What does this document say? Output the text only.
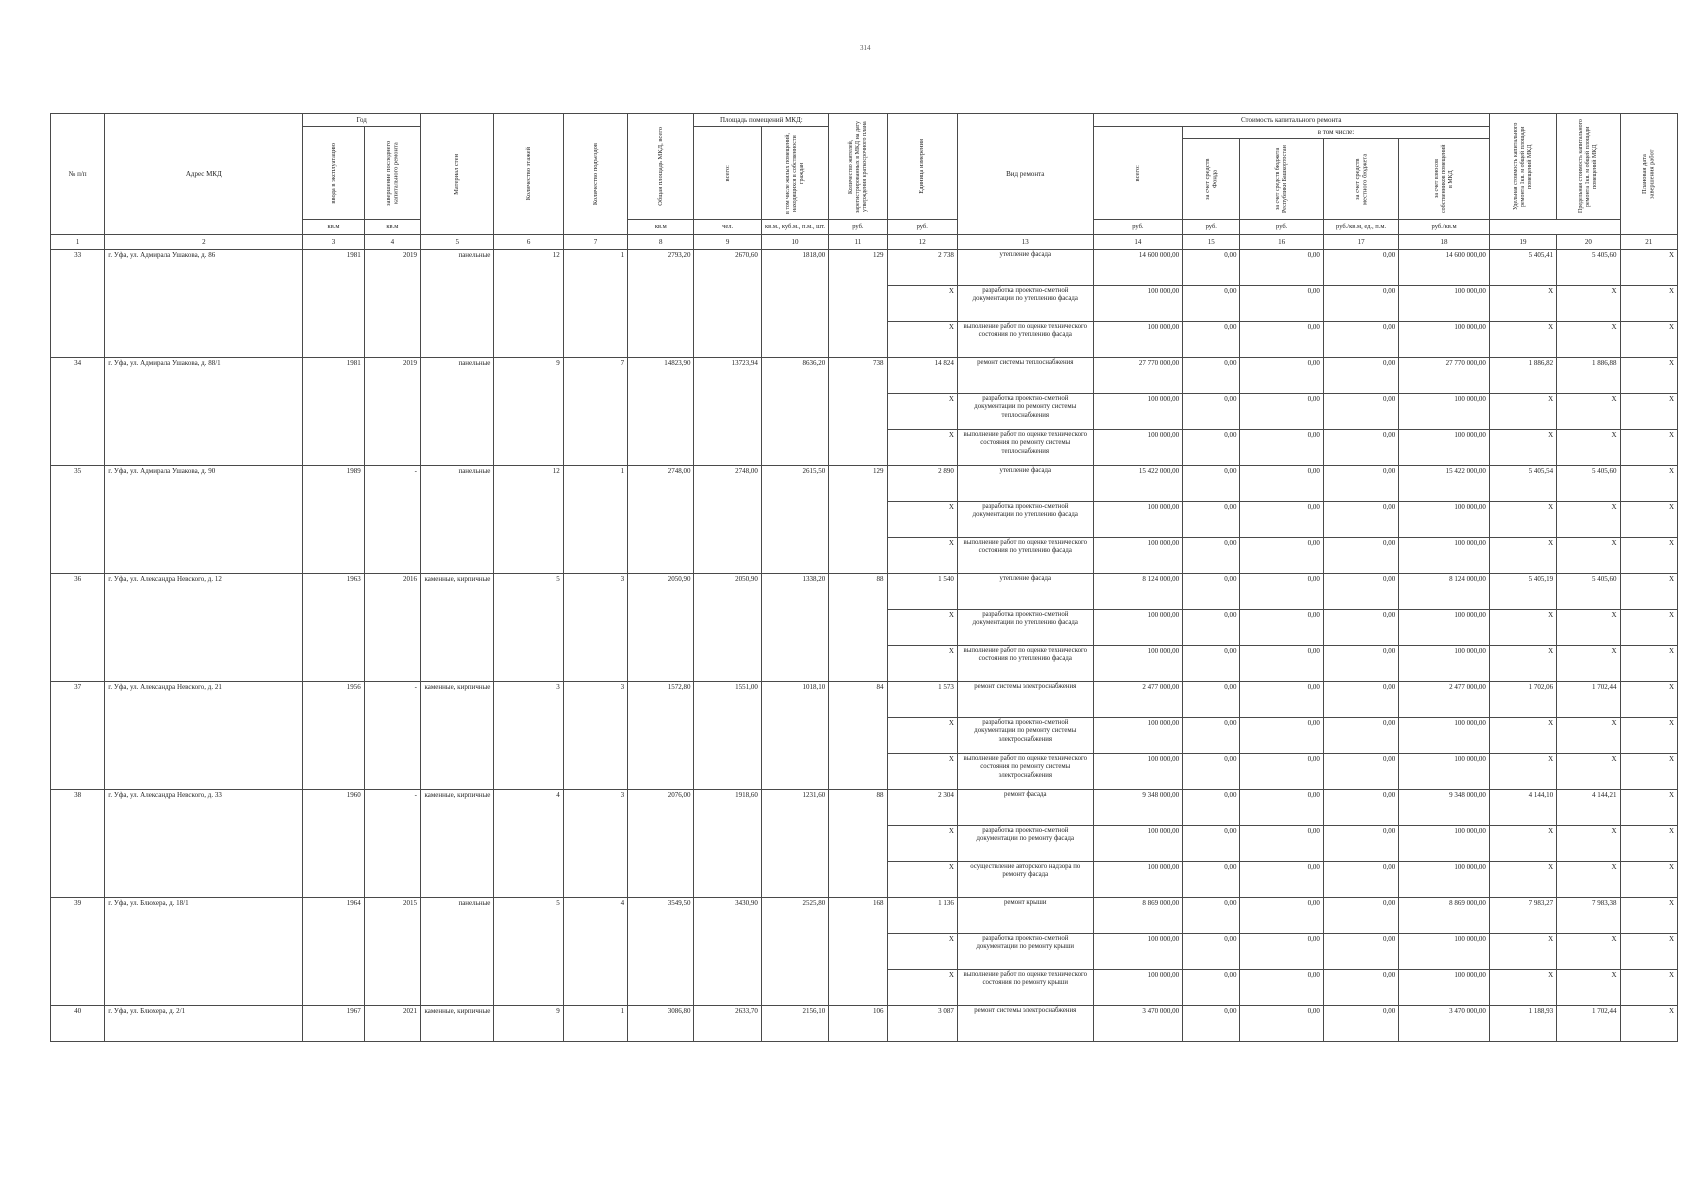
314
№ п/п	Адрес МКД	Год		Материал стен	Количество этажей	Количество подъездов	Общая площадь МКД, всего	Площадь помещений МКД:		Количество жителей, зарегистрированных в МКД на дату утверждения краткосрочного плана	Единица измерения	Вид ремонта	Стоимость капитального ремонта					Удельная стоимость капитального ремонта 1кв. м общей площади помещений МКД	Предельная стоимость капитального ремонта 1кв. м общей площади помещений МКД	Плановая дата завершения работ

		ввода в эксплуатацию	завершение последнего капитального ремонта					всего:	в том числе жилых помещений, находящихся в собственности граждан				всего:	в том числе:						

														за счет средств Фонда	за счет средств бюджета Республики Башкортостан	за счет средств местного бюджета	за счет взносов собственников помещений в МКД			

		кв.м	кв.м				кв.м	чел.	кв.м., куб.м., п.м., шт.	руб.	руб.		руб.	руб.	руб.	руб./кв.м, ед., п.м.	руб./кв.м			
1	2	3	4	5	6	7	8	9	10	11	12	13	14	15	16	17	18	19	20	21
33	г. Уфа, ул. Адмирала Ушакова, д. 86	1981	2019	панельные	12	1	2793,20	2670,60	1818,00	129	2 738	утепление фасада	14 600 000,00	0,00	0,00	0,00	14 600 000,00	5 405,41	5 405,60	X
											X	разработка проектно-сметной документации по утеплению фасада	100 000,00	0,00	0,00	0,00	100 000,00	X	X	X
											X	выполнение работ по оценке технического состояния по утеплению фасада	100 000,00	0,00	0,00	0,00	100 000,00	X	X	X
34	г. Уфа, ул. Адмирала Ушакова, д. 88/1	1981	2019	панельные	9	7	14823,90	13723,94	8636,20	738	14 824	ремонт системы теплоснабжения	27 770 000,00	0,00	0,00	0,00	27 770 000,00	1 886,82	1 886,88	X
											X	разработка проектно-сметной документации по ремонту системы теплоснабжения	100 000,00	0,00	0,00	0,00	100 000,00	X	X	X
											X	выполнение работ по оценке технического состояния по ремонту системы теплоснабжения	100 000,00	0,00	0,00	0,00	100 000,00	X	X	X
35	г. Уфа, ул. Адмирала Ушакова, д. 90	1989	-	панельные	12	1	2748,00	2748,00	2615,50	129	2 890	утепление фасада	15 422 000,00	0,00	0,00	0,00	15 422 000,00	5 405,54	5 405,60	X
											X	разработка проектно-сметной документации по утеплению фасада	100 000,00	0,00	0,00	0,00	100 000,00	X	X	X
											X	выполнение работ по оценке технического состояния по утеплению фасада	100 000,00	0,00	0,00	0,00	100 000,00	X	X	X
36	г. Уфа, ул. Александра Невского, д. 12	1963	2016	каменные, кирпичные	5	3	2050,90	2050,90	1338,20	88	1 540	утепление фасада	8 124 000,00	0,00	0,00	0,00	8 124 000,00	5 405,19	5 405,60	X
											X	разработка проектно-сметной документации по утеплению фасада	100 000,00	0,00	0,00	0,00	100 000,00	X	X	X
											X	выполнение работ по оценке технического состояния по утеплению фасада	100 000,00	0,00	0,00	0,00	100 000,00	X	X	X
37	г. Уфа, ул. Александра Невского, д. 21	1956	-	каменные, кирпичные	3	3	1572,80	1551,00	1018,10	84	1 573	ремонт системы электроснабжения	2 477 000,00	0,00	0,00	0,00	2 477 000,00	1 702,06	1 702,44	X
											X	разработка проектно-сметной документации по ремонту системы электроснабжения	100 000,00	0,00	0,00	0,00	100 000,00	X	X	X
											X	выполнение работ по оценке технического состояния по ремонту системы электроснабжения	100 000,00	0,00	0,00	0,00	100 000,00	X	X	X
38	г. Уфа, ул. Александра Невского, д. 33	1960	-	каменные, кирпичные	4	3	2076,00	1918,60	1231,60	88	2 304	ремонт фасада	9 348 000,00	0,00	0,00	0,00	9 348 000,00	4 144,10	4 144,21	X
											X	разработка проектно-сметной документации по ремонту фасада	100 000,00	0,00	0,00	0,00	100 000,00	X	X	X
											X	осуществление авторского надзора по ремонту фасада	100 000,00	0,00	0,00	0,00	100 000,00	X	X	X
39	г. Уфа, ул. Блюхера, д. 18/1	1964	2015	панельные	5	4	3549,50	3430,90	2525,80	168	1 136	ремонт крыши	8 869 000,00	0,00	0,00	0,00	8 869 000,00	7 983,27	7 983,38	X
											X	разработка проектно-сметной документации по ремонту крыши	100 000,00	0,00	0,00	0,00	100 000,00	X	X	X
											X	выполнение работ по оценке технического состояния по ремонту крыши	100 000,00	0,00	0,00	0,00	100 000,00	X	X	X
40	г. Уфа, ул. Блюхера, д. 2/1	1967	2021	каменные, кирпичные	9	1	3086,80	2633,70	2156,10	106	3 087	ремонт системы электроснабжения	3 470 000,00	0,00	0,00	0,00	3 470 000,00	1 188,93	1 702,44	X
